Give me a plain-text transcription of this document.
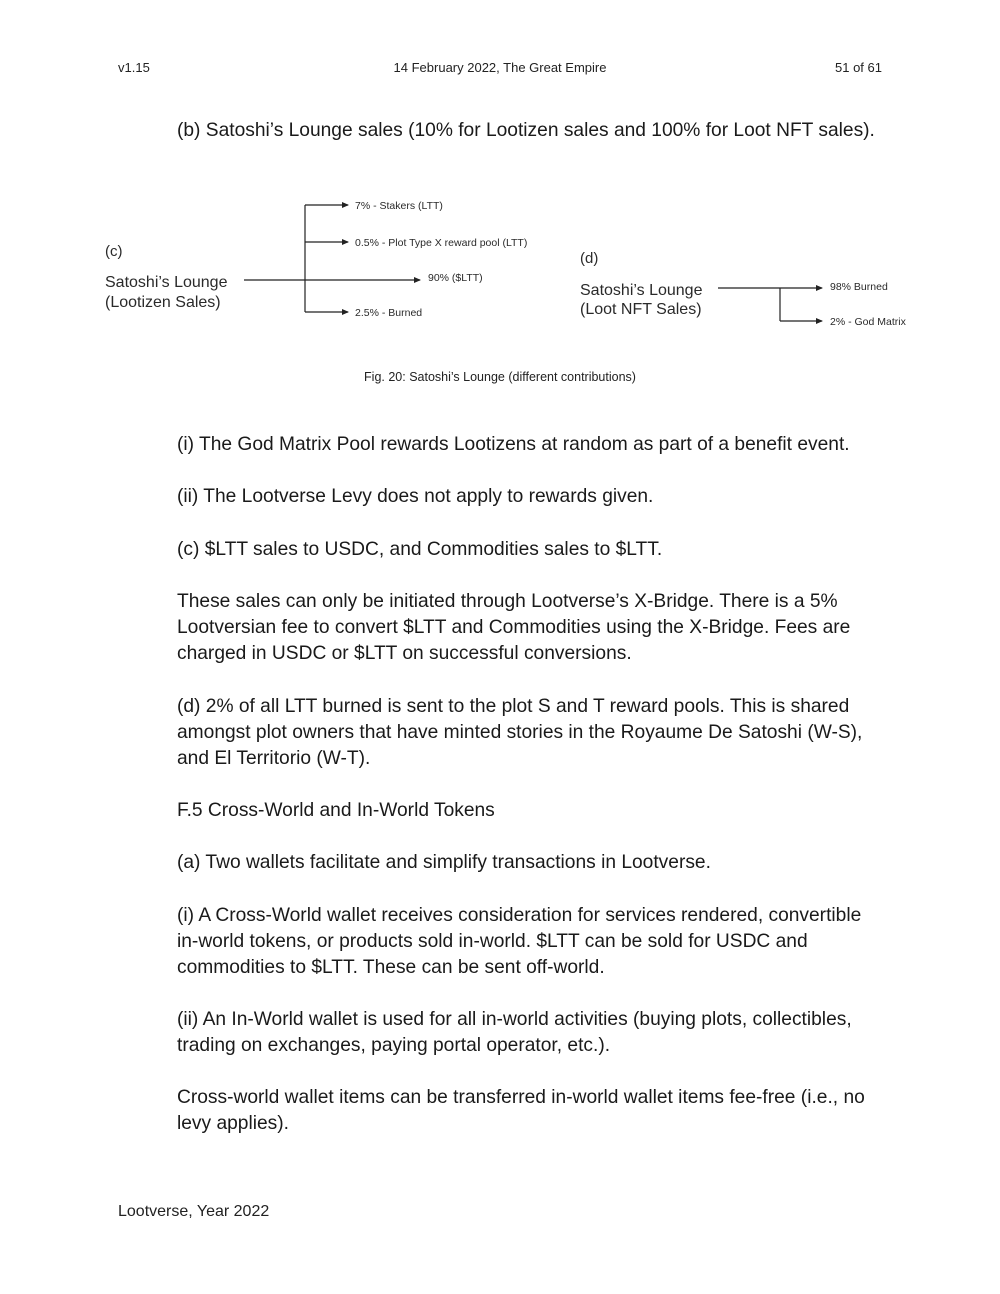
v1.15	14 February 2022, The Great Empire	51 of 61

(b) Satoshi’s Lounge sales (10% for Lootizen sales and 100% for Loot NFT sales).

(c)
Satoshi’s Lounge
(Lootizen Sales)
7% - Stakers (LTT)
0.5% - Plot Type X reward pool (LTT)
90% ($LTT)
2.5% - Burned
(d)
Satoshi’s Lounge
(Loot NFT Sales)
98% Burned
2% - God Matrix
Fig. 20: Satoshi’s Lounge (different contributions)

(i) The God Matrix Pool rewards Lootizens at random as part of a benefit event.

(ii) The Lootverse Levy does not apply to rewards given.

(c) $LTT sales to USDC, and Commodities sales to $LTT.

These sales can only be initiated through Lootverse’s X-Bridge. There is a 5% Lootversian fee to convert $LTT and Commodities using the X-Bridge. Fees are charged in USDC or $LTT on successful conversions.

(d) 2% of all LTT burned is sent to the plot S and T reward pools. This is shared amongst plot owners that have minted stories in the Royaume De Satoshi (W-S), and El Territorio (W-T).

F.5 Cross-World and In-World Tokens

(a) Two wallets facilitate and simplify transactions in Lootverse.

(i) A Cross-World wallet receives consideration for services rendered, convertible in-world tokens, or products sold in-world. $LTT can be sold for USDC and commodities to $LTT. These can be sent off-world.

(ii) An In-World wallet is used for all in-world activities (buying plots, collectibles, trading on exchanges, paying portal operator, etc.).

Cross-world wallet items can be transferred in-world wallet items fee-free (i.e., no levy applies).

Lootverse, Year 2022
